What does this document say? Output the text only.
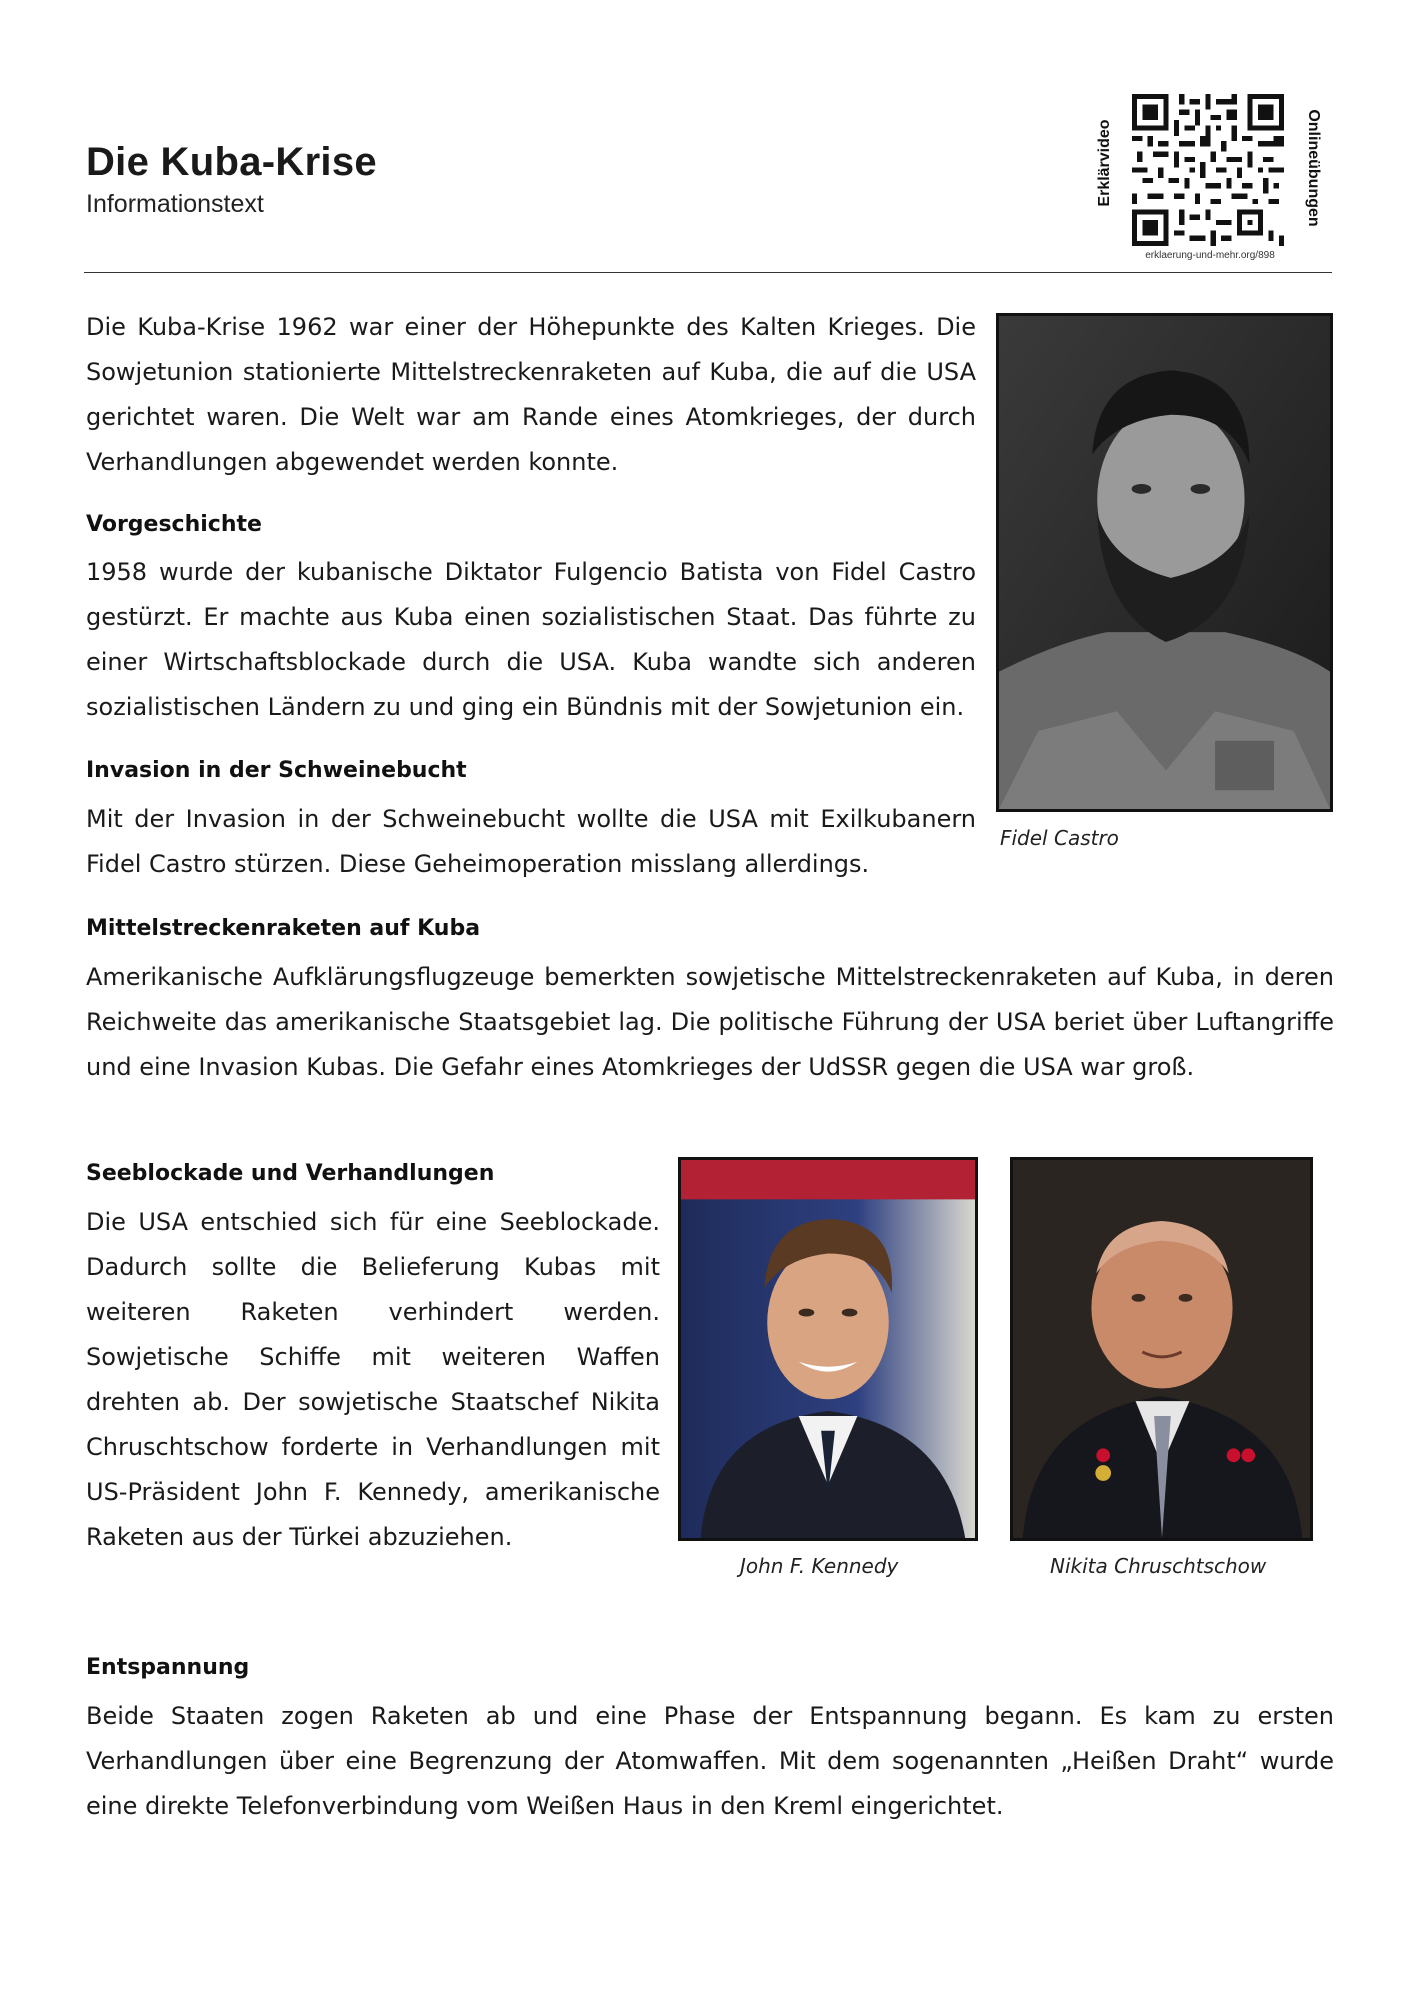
Die Kuba-Krise
Informationstext	Erklärvideo	Onlineübungen
erklaerung-und-mehr.org/898

Die Kuba-Krise 1962 war einer der Höhepunkte des Kalten Krieges. Die Sowjetunion stationierte Mittelstreckenraketen auf Kuba, die auf die USA gerichtet waren. Die Welt war am Rande eines Atomkrieges, der durch Verhandlungen abgewendet werden konnte.

Vorgeschichte

1958 wurde der kubanische Diktator Fulgencio Batista von Fidel Castro gestürzt. Er machte aus Kuba einen sozialistischen Staat. Das führte zu einer Wirtschaftsblockade durch die USA. Kuba wandte sich anderen sozialistischen Ländern zu und ging ein Bündnis mit der Sowjetunion ein.

Invasion in der Schweinebucht

Mit der Invasion in der Schweinebucht wollte die USA mit Exilkubanern Fidel Castro stürzen. Diese Geheimoperation misslang allerdings.

Fidel Castro
Mittelstreckenraketen auf Kuba

Amerikanische Aufklärungsflugzeuge bemerkten sowjetische Mittelstreckenraketen auf Kuba, in deren Reichweite das amerikanische Staatsgebiet lag. Die politische Führung der USA beriet über Luftangriffe und eine Invasion Kubas. Die Gefahr eines Atomkrieges der UdSSR gegen die USA war groß.

Seeblockade und Verhandlungen

Die USA entschied sich für eine Seeblockade. Dadurch sollte die Belieferung Kubas mit weiteren Raketen verhindert werden. Sowjetische Schiffe mit weiteren Waffen drehten ab. Der sowjetische Staatschef Nikita Chruschtschow forderte in Verhandlungen mit US-Präsident John F. Kennedy, amerikanische Raketen aus der Türkei abzuziehen.

John F. Kennedy	Nikita Chruschtschow
Entspannung

Beide Staaten zogen Raketen ab und eine Phase der Entspannung begann. Es kam zu ersten Verhandlungen über eine Begrenzung der Atomwaffen. Mit dem sogenannten „Heißen Draht“ wurde eine direkte Telefonverbindung vom Weißen Haus in den Kreml eingerichtet.
